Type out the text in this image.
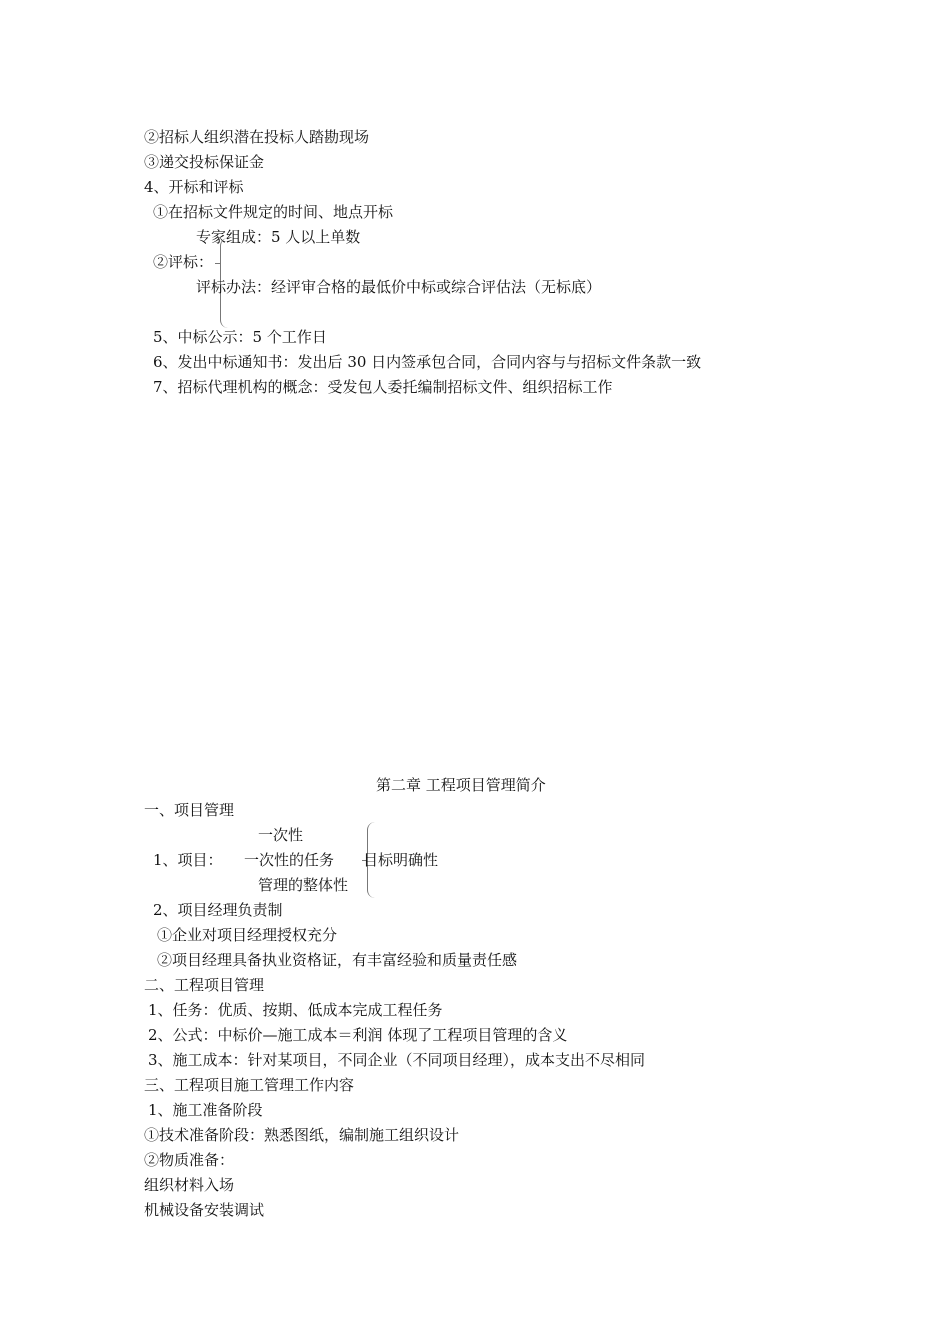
②招标人组织潜在投标人踏勘现场
③递交投标保证金
4、开标和评标
①在招标文件规定的时间、地点开标
专家组成：5 人以上单数
②评标：
评标办法：经评审合格的最低价中标或综合评估法（无标底）
5、中标公示：5 个工作日
6、发出中标通知书：发出后 30 日内签承包合同，合同内容与与招标文件条款一致
7、招标代理机构的概念：受发包人委托编制招标文件、组织招标工作
第二章 工程项目管理简介
一、项目管理
一次性
1、项目： 一次性的任务 目标明确性
管理的整体性
2、项目经理负责制
①企业对项目经理授权充分
②项目经理具备执业资格证，有丰富经验和质量责任感
二、工程项目管理
1、任务：优质、按期、低成本完成工程任务
2、公式：中标价—施工成本＝利润 体现了工程项目管理的含义
3、施工成本：针对某项目，不同企业（不同项目经理），成本支出不尽相同
三、工程项目施工管理工作内容
1、施工准备阶段
①技术准备阶段：熟悉图纸，编制施工组织设计
②物质准备：
组织材料入场
机械设备安装调试
